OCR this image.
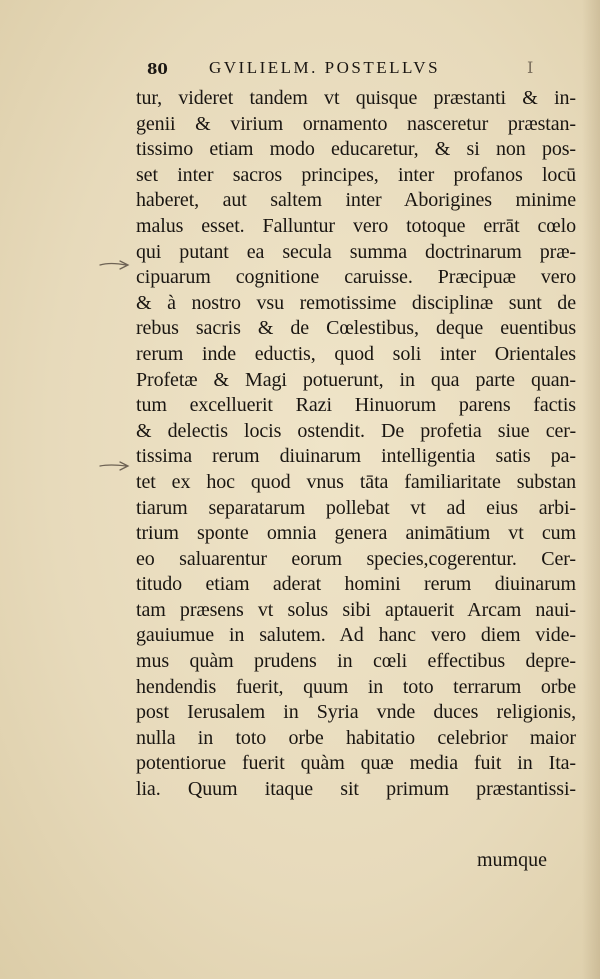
80 GVILIELM. POSTELLVS	I
tur, videret tandem vt quisque præstanti & in-
genii & virium ornamento nasceretur præstan-
tissimo etiam modo educaretur, & si non pos-
set inter sacros principes, inter profanos locū
haberet, aut saltem inter Aborigines minime
malus esset. Falluntur vero totoque errāt cœlo
qui putant ea secula summa doctrinarum præ-
cipuarum cognitione caruisse. Præcipuæ vero
& à nostro vsu remotissime disciplinæ sunt de
rebus sacris & de Cœlestibus, deque euentibus
rerum inde eductis, quod soli inter Orientales
Profetæ & Magi potuerunt, in qua parte quan-
tum excelluerit Razi Hinuorum parens factis
& delectis locis ostendit. De profetia siue cer-
tissima rerum diuinarum intelligentia satis pa-
tet ex hoc quod vnus tāta familiaritate substan
tiarum separatarum pollebat vt ad eius arbi-
trium sponte omnia genera animātium vt cum
eo saluarentur eorum species,cogerentur. Cer-
titudo etiam aderat homini rerum diuinarum
tam præsens vt solus sibi aptauerit Arcam naui-
gauiumue in salutem. Ad hanc vero diem vide-
mus quàm prudens in cœli effectibus depre-
hendendis fuerit, quum in toto terrarum orbe
post Ierusalem in Syria vnde duces religionis,
nulla in toto orbe habitatio celebrior maior
potentiorue fuerit quàm quæ media fuit in Ita-
lia. Quum itaque sit primum præstantissi-
mumque
